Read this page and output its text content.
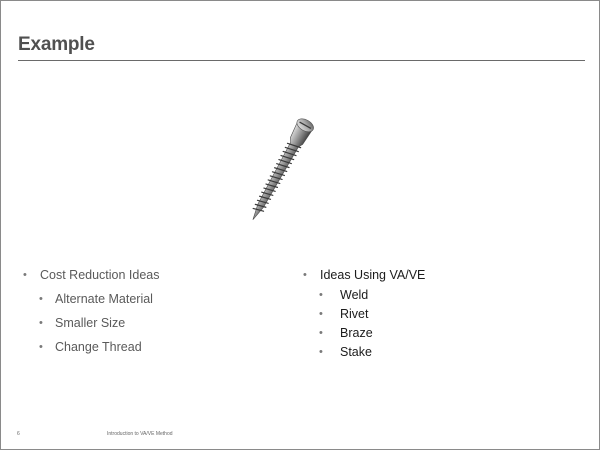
Example
• Cost Reduction Ideas
• Alternate Material
• Smaller Size
• Change Thread
• Ideas Using VA/VE
• Weld
• Rivet
• Braze
• Stake
6	Introduction to VA/VE Method
